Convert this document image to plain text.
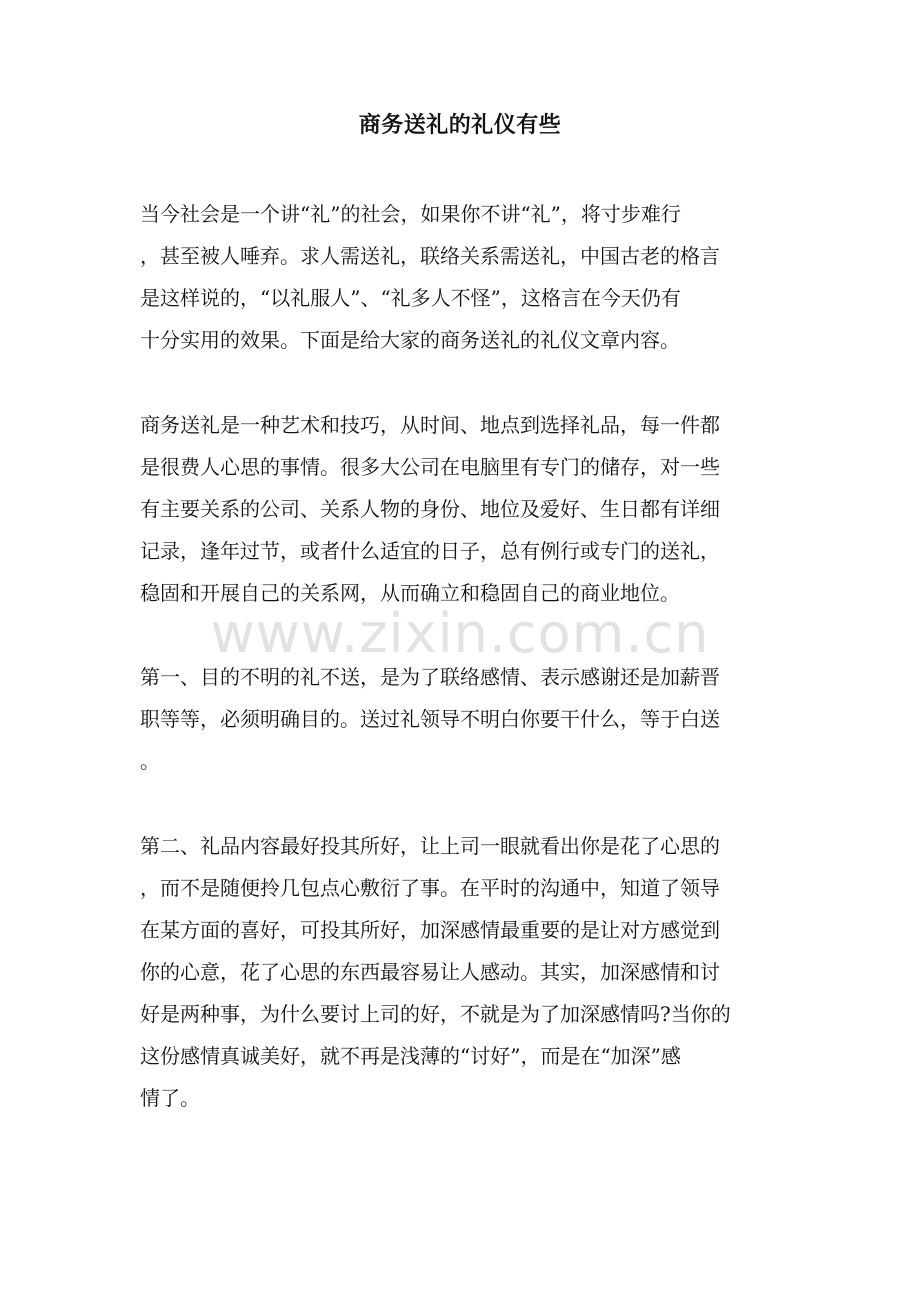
商务送礼的礼仪有些
当今社会是一个讲“礼”的社会，如果你不讲“礼”，将寸步难行
，甚至被人唾弃。求人需送礼，联络关系需送礼，中国古老的格言
是这样说的，“以礼服人”、“礼多人不怪”，这格言在今天仍有
十分实用的效果。下面是给大家的商务送礼的礼仪文章内容。
商务送礼是一种艺术和技巧，从时间、地点到选择礼品，每一件都
是很费人心思的事情。很多大公司在电脑里有专门的储存，对一些
有主要关系的公司、关系人物的身份、地位及爱好、生日都有详细
记录，逢年过节，或者什么适宜的日子，总有例行或专门的送礼，
稳固和开展自己的关系网，从而确立和稳固自己的商业地位。
第一、目的不明的礼不送，是为了联络感情、表示感谢还是加薪晋
职等等，必须明确目的。送过礼领导不明白你要干什么，等于白送
。
第二、礼品内容最好投其所好，让上司一眼就看出你是花了心思的
，而不是随便拎几包点心敷衍了事。在平时的沟通中，知道了领导
在某方面的喜好，可投其所好，加深感情最重要的是让对方感觉到
你的心意，花了心思的东西最容易让人感动。其实，加深感情和讨
好是两种事，为什么要讨上司的好，不就是为了加深感情吗?当你的
这份感情真诚美好，就不再是浅薄的“讨好”，而是在“加深”感
情了。
www.zixin.com.cn
